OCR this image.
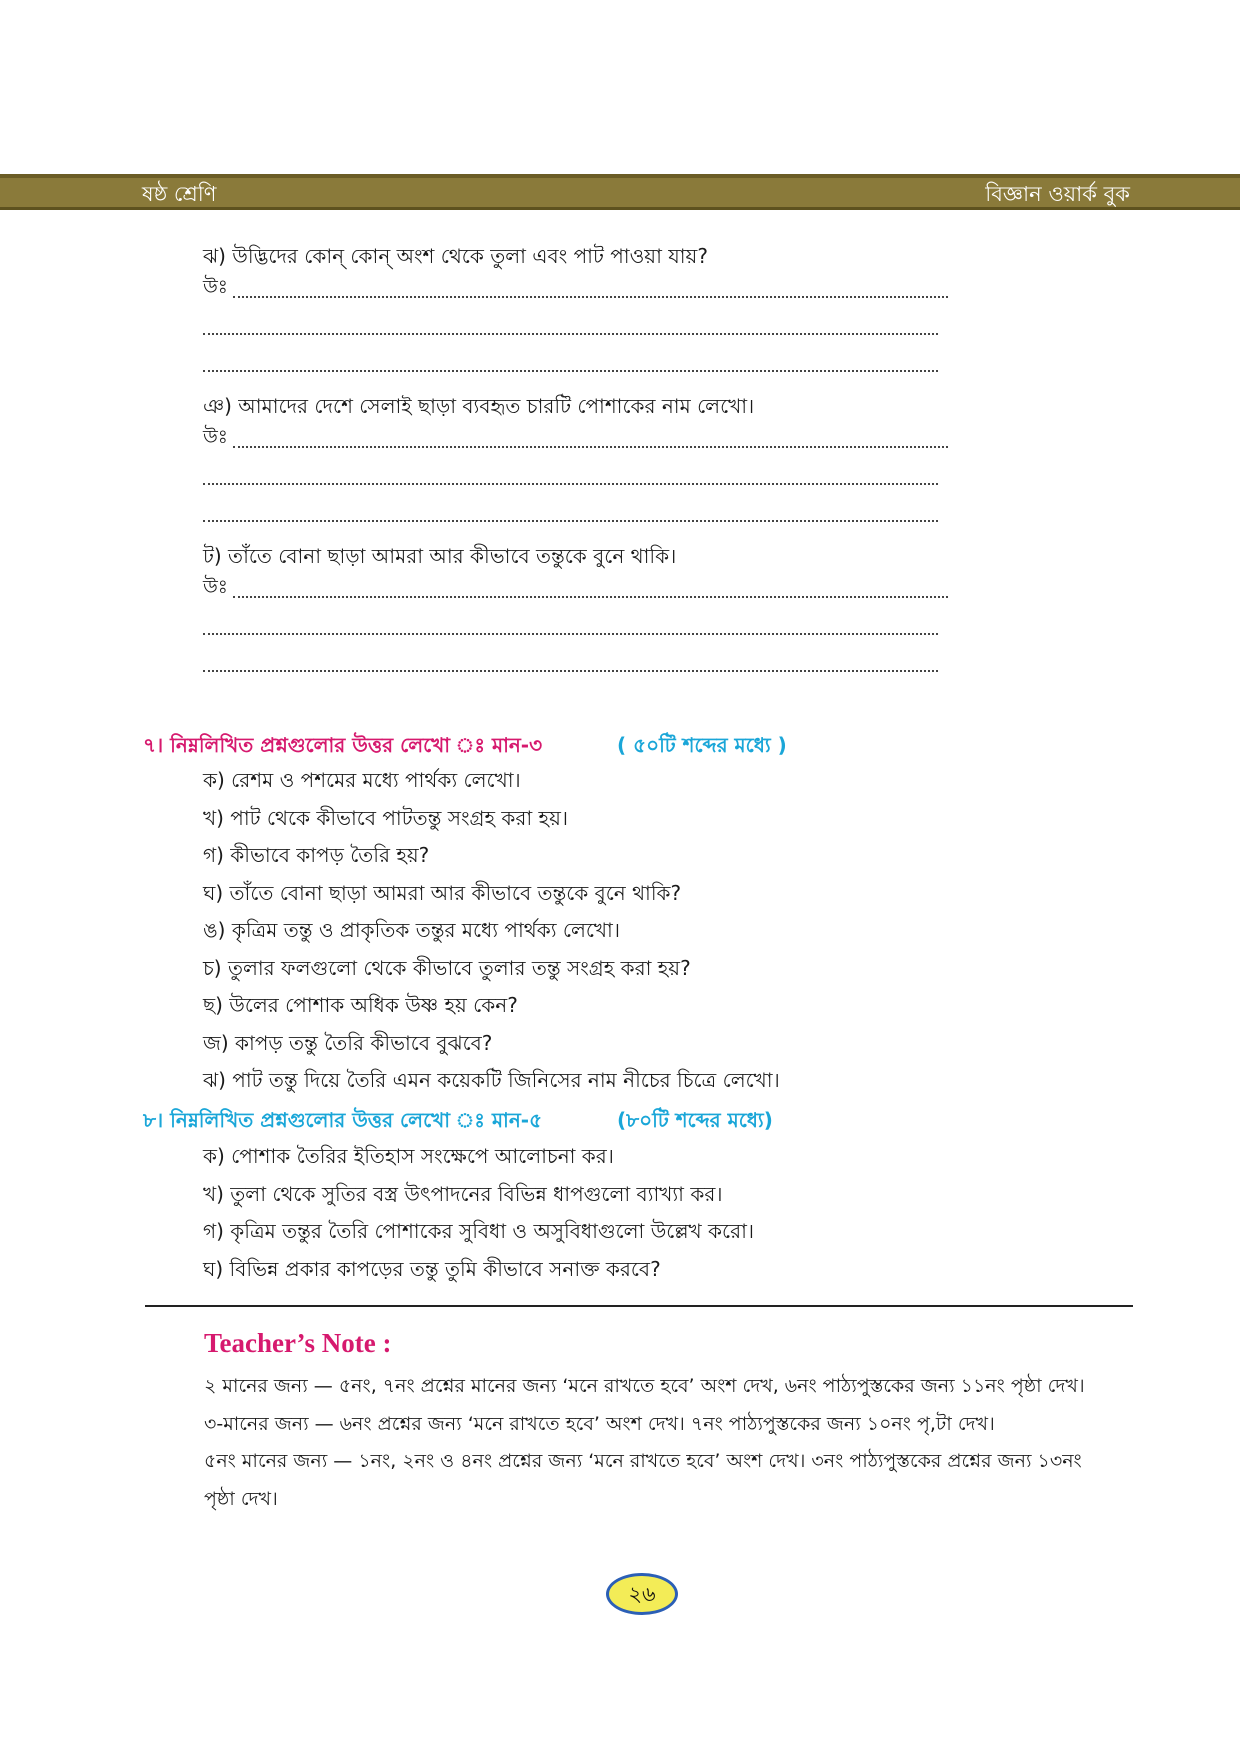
ষষ্ঠ শ্রেণি	বিজ্ঞান ওয়ার্ক বুক

ঝ) উদ্ভিদের কোন্ কোন্ অংশ থেকে তুলা এবং পাট পাওয়া যায়?

উঃ

ঞ) আমাদের দেশে সেলাই ছাড়া ব্যবহৃত চারটি পোশাকের নাম লেখো।

উঃ

ট) তাঁতে বোনা ছাড়া আমরা আর কীভাবে তন্তুকে বুনে থাকি।

উঃ
৭। নিম্নলিখিত প্রশ্নগুলোর উত্তর লেখো ঃ মান-৩	( ৫০টি শব্দের মধ্যে )
ক) রেশম ও পশমের মধ্যে পার্থক্য লেখো।
খ) পাট থেকে কীভাবে পাটতন্তু সংগ্রহ করা হয়।
গ) কীভাবে কাপড় তৈরি হয়?
ঘ) তাঁতে বোনা ছাড়া আমরা আর কীভাবে তন্তুকে বুনে থাকি?
ঙ) কৃত্রিম তন্তু ও প্রাকৃতিক তন্তুর মধ্যে পার্থক্য লেখো।
চ) তুলার ফলগুলো থেকে কীভাবে তুলার তন্তু সংগ্রহ করা হয়?
ছ) উলের পোশাক অধিক উষ্ণ হয় কেন?
জ) কাপড় তন্তু তৈরি কীভাবে বুঝবে?
ঝ) পাট তন্তু দিয়ে তৈরি এমন কয়েকটি জিনিসের নাম নীচের চিত্রে লেখো।
৮। নিম্নলিখিত প্রশ্নগুলোর উত্তর লেখো ঃ মান-৫	(৮০টি শব্দের মধ্যে)
ক) পোশাক তৈরির ইতিহাস সংক্ষেপে আলোচনা কর।
খ) তুলা থেকে সুতির বস্ত্র উৎপাদনের বিভিন্ন ধাপগুলো ব্যাখ্যা কর।
গ) কৃত্রিম তন্তুর তৈরি পোশাকের সুবিধা ও অসুবিধাগুলো উল্লেখ করো।
ঘ) বিভিন্ন প্রকার কাপড়ের তন্তু তুমি কীভাবে সনাক্ত করবে?
Teacher’s Note :
২ মানের জন্য — ৫নং, ৭নং প্রশ্নের মানের জন্য ‘মনে রাখতে হবে’ অংশ দেখ, ৬নং পাঠ্যপুস্তকের জন্য ১১নং পৃষ্ঠা দেখ।
৩-মানের জন্য — ৬নং প্রশ্নের জন্য ‘মনে রাখতে হবে’ অংশ দেখ। ৭নং পাঠ্যপুস্তকের জন্য ১০নং পৃ,টা দেখ।
৫নং মানের জন্য — ১নং, ২নং ও ৪নং প্রশ্নের জন্য ‘মনে রাখতে হবে’ অংশ দেখ। ৩নং পাঠ্যপুস্তকের প্রশ্নের জন্য ১৩নং
পৃষ্ঠা দেখ।
২৬
